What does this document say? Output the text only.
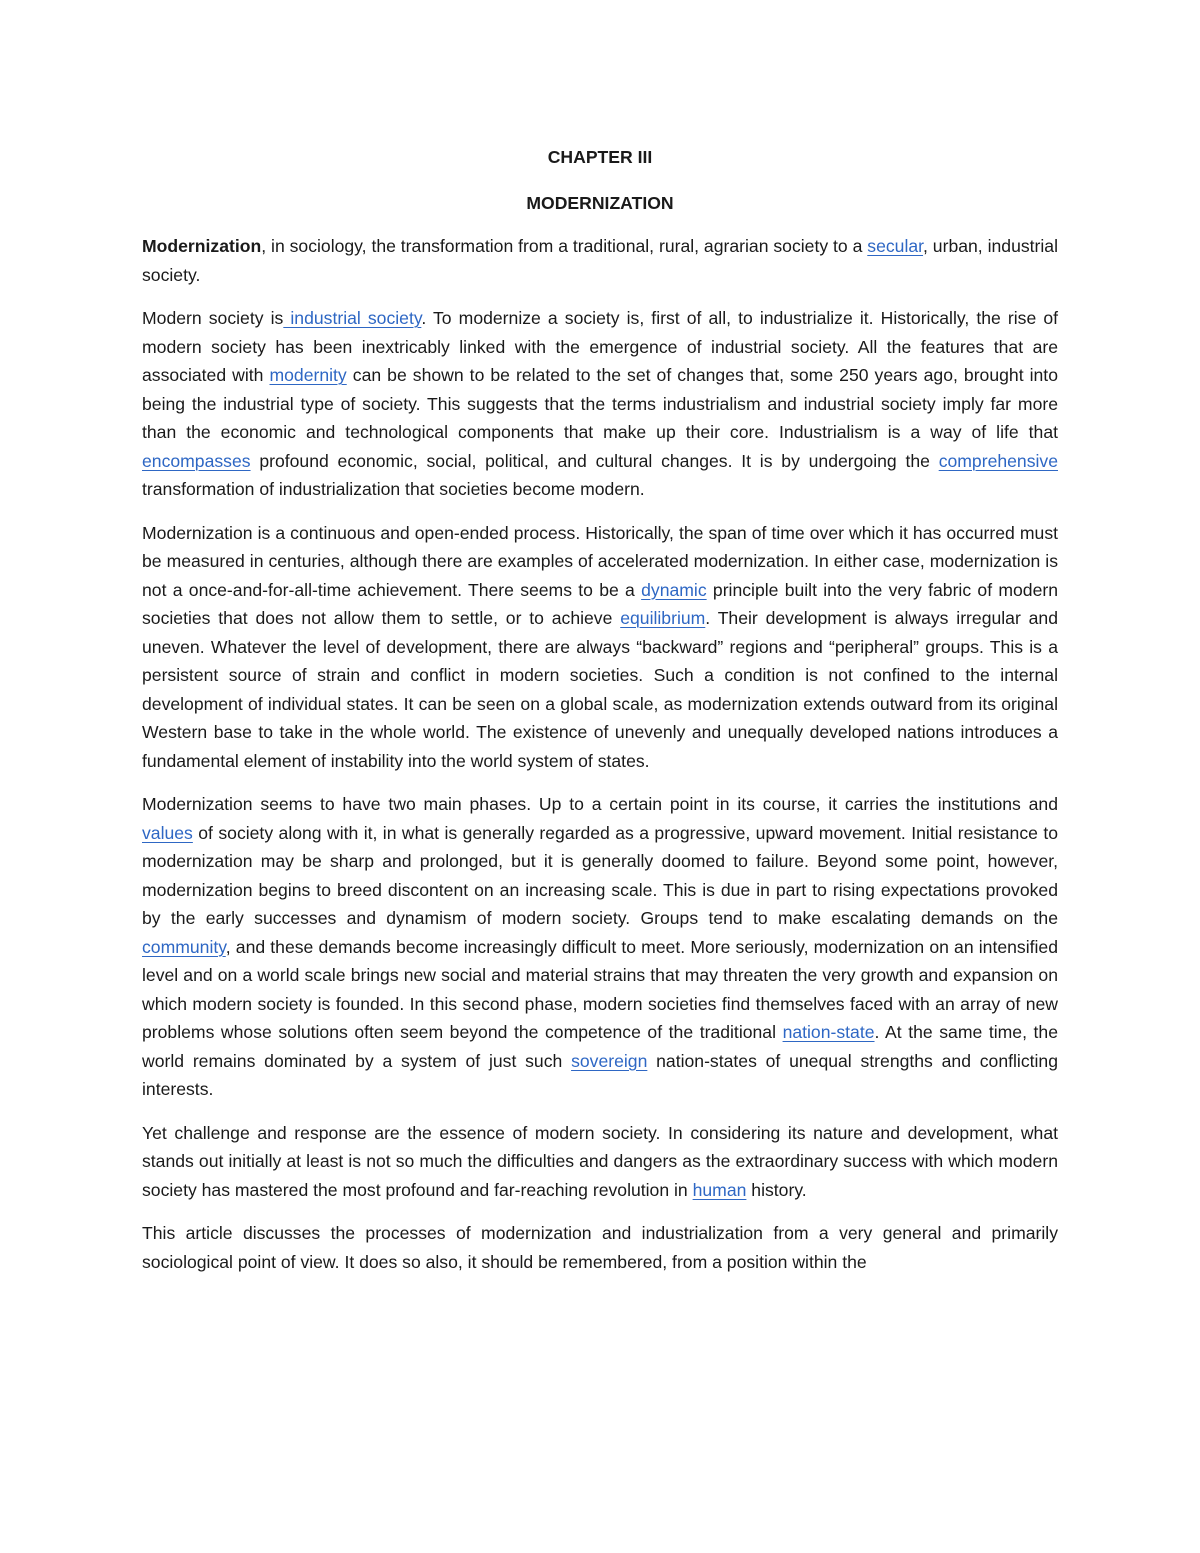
CHAPTER III

MODERNIZATION

Modernization, in sociology, the transformation from a traditional, rural, agrarian society to a secular, urban, industrial society.

Modern society is industrial society. To modernize a society is, first of all, to industrialize it. Historically, the rise of modern society has been inextricably linked with the emergence of industrial society. All the features that are associated with modernity can be shown to be related to the set of changes that, some 250 years ago, brought into being the industrial type of society. This suggests that the terms industrialism and industrial society imply far more than the economic and technological components that make up their core. Industrialism is a way of life that encompasses profound economic, social, political, and cultural changes. It is by undergoing the comprehensive transformation of industrialization that societies become modern.

Modernization is a continuous and open-ended process. Historically, the span of time over which it has occurred must be measured in centuries, although there are examples of accelerated modernization. In either case, modernization is not a once-and-for-all-time achievement. There seems to be a dynamic principle built into the very fabric of modern societies that does not allow them to settle, or to achieve equilibrium. Their development is always irregular and uneven. Whatever the level of development, there are always “backward” regions and “peripheral” groups. This is a persistent source of strain and conflict in modern societies. Such a condition is not confined to the internal development of individual states. It can be seen on a global scale, as modernization extends outward from its original Western base to take in the whole world. The existence of unevenly and unequally developed nations introduces a fundamental element of instability into the world system of states.

Modernization seems to have two main phases. Up to a certain point in its course, it carries the institutions and values of society along with it, in what is generally regarded as a progressive, upward movement. Initial resistance to modernization may be sharp and prolonged, but it is generally doomed to failure. Beyond some point, however, modernization begins to breed discontent on an increasing scale. This is due in part to rising expectations provoked by the early successes and dynamism of modern society. Groups tend to make escalating demands on the community, and these demands become increasingly difficult to meet. More seriously, modernization on an intensified level and on a world scale brings new social and material strains that may threaten the very growth and expansion on which modern society is founded. In this second phase, modern societies find themselves faced with an array of new problems whose solutions often seem beyond the competence of the traditional nation-state. At the same time, the world remains dominated by a system of just such sovereign nation-states of unequal strengths and conflicting interests.

Yet challenge and response are the essence of modern society. In considering its nature and development, what stands out initially at least is not so much the difficulties and dangers as the extraordinary success with which modern society has mastered the most profound and far-reaching revolution in human history.

This article discusses the processes of modernization and industrialization from a very general and primarily sociological point of view. It does so also, it should be remembered, from a position within the
